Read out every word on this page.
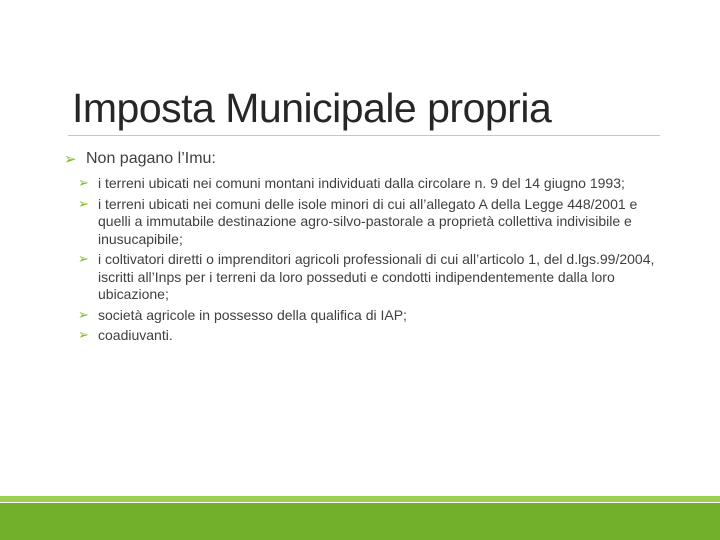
Imposta Municipale propria
➢ Non pagano l’Imu:
➢ i terreni ubicati nei comuni montani individuati dalla circolare n. 9 del 14 giugno 1993;
➢ i terreni ubicati nei comuni delle isole minori di cui all’allegato A della Legge 448/2001 e quelli a immutabile destinazione agro-silvo-pastorale a proprietà collettiva indivisibile e inusucapibile;
➢ i coltivatori diretti o imprenditori agricoli professionali di cui all’articolo 1, del d.lgs.99/2004, iscritti all’Inps per i terreni da loro posseduti e condotti indipendentemente dalla loro ubicazione;
➢ società agricole in possesso della qualifica di IAP;
➢ coadiuvanti.
